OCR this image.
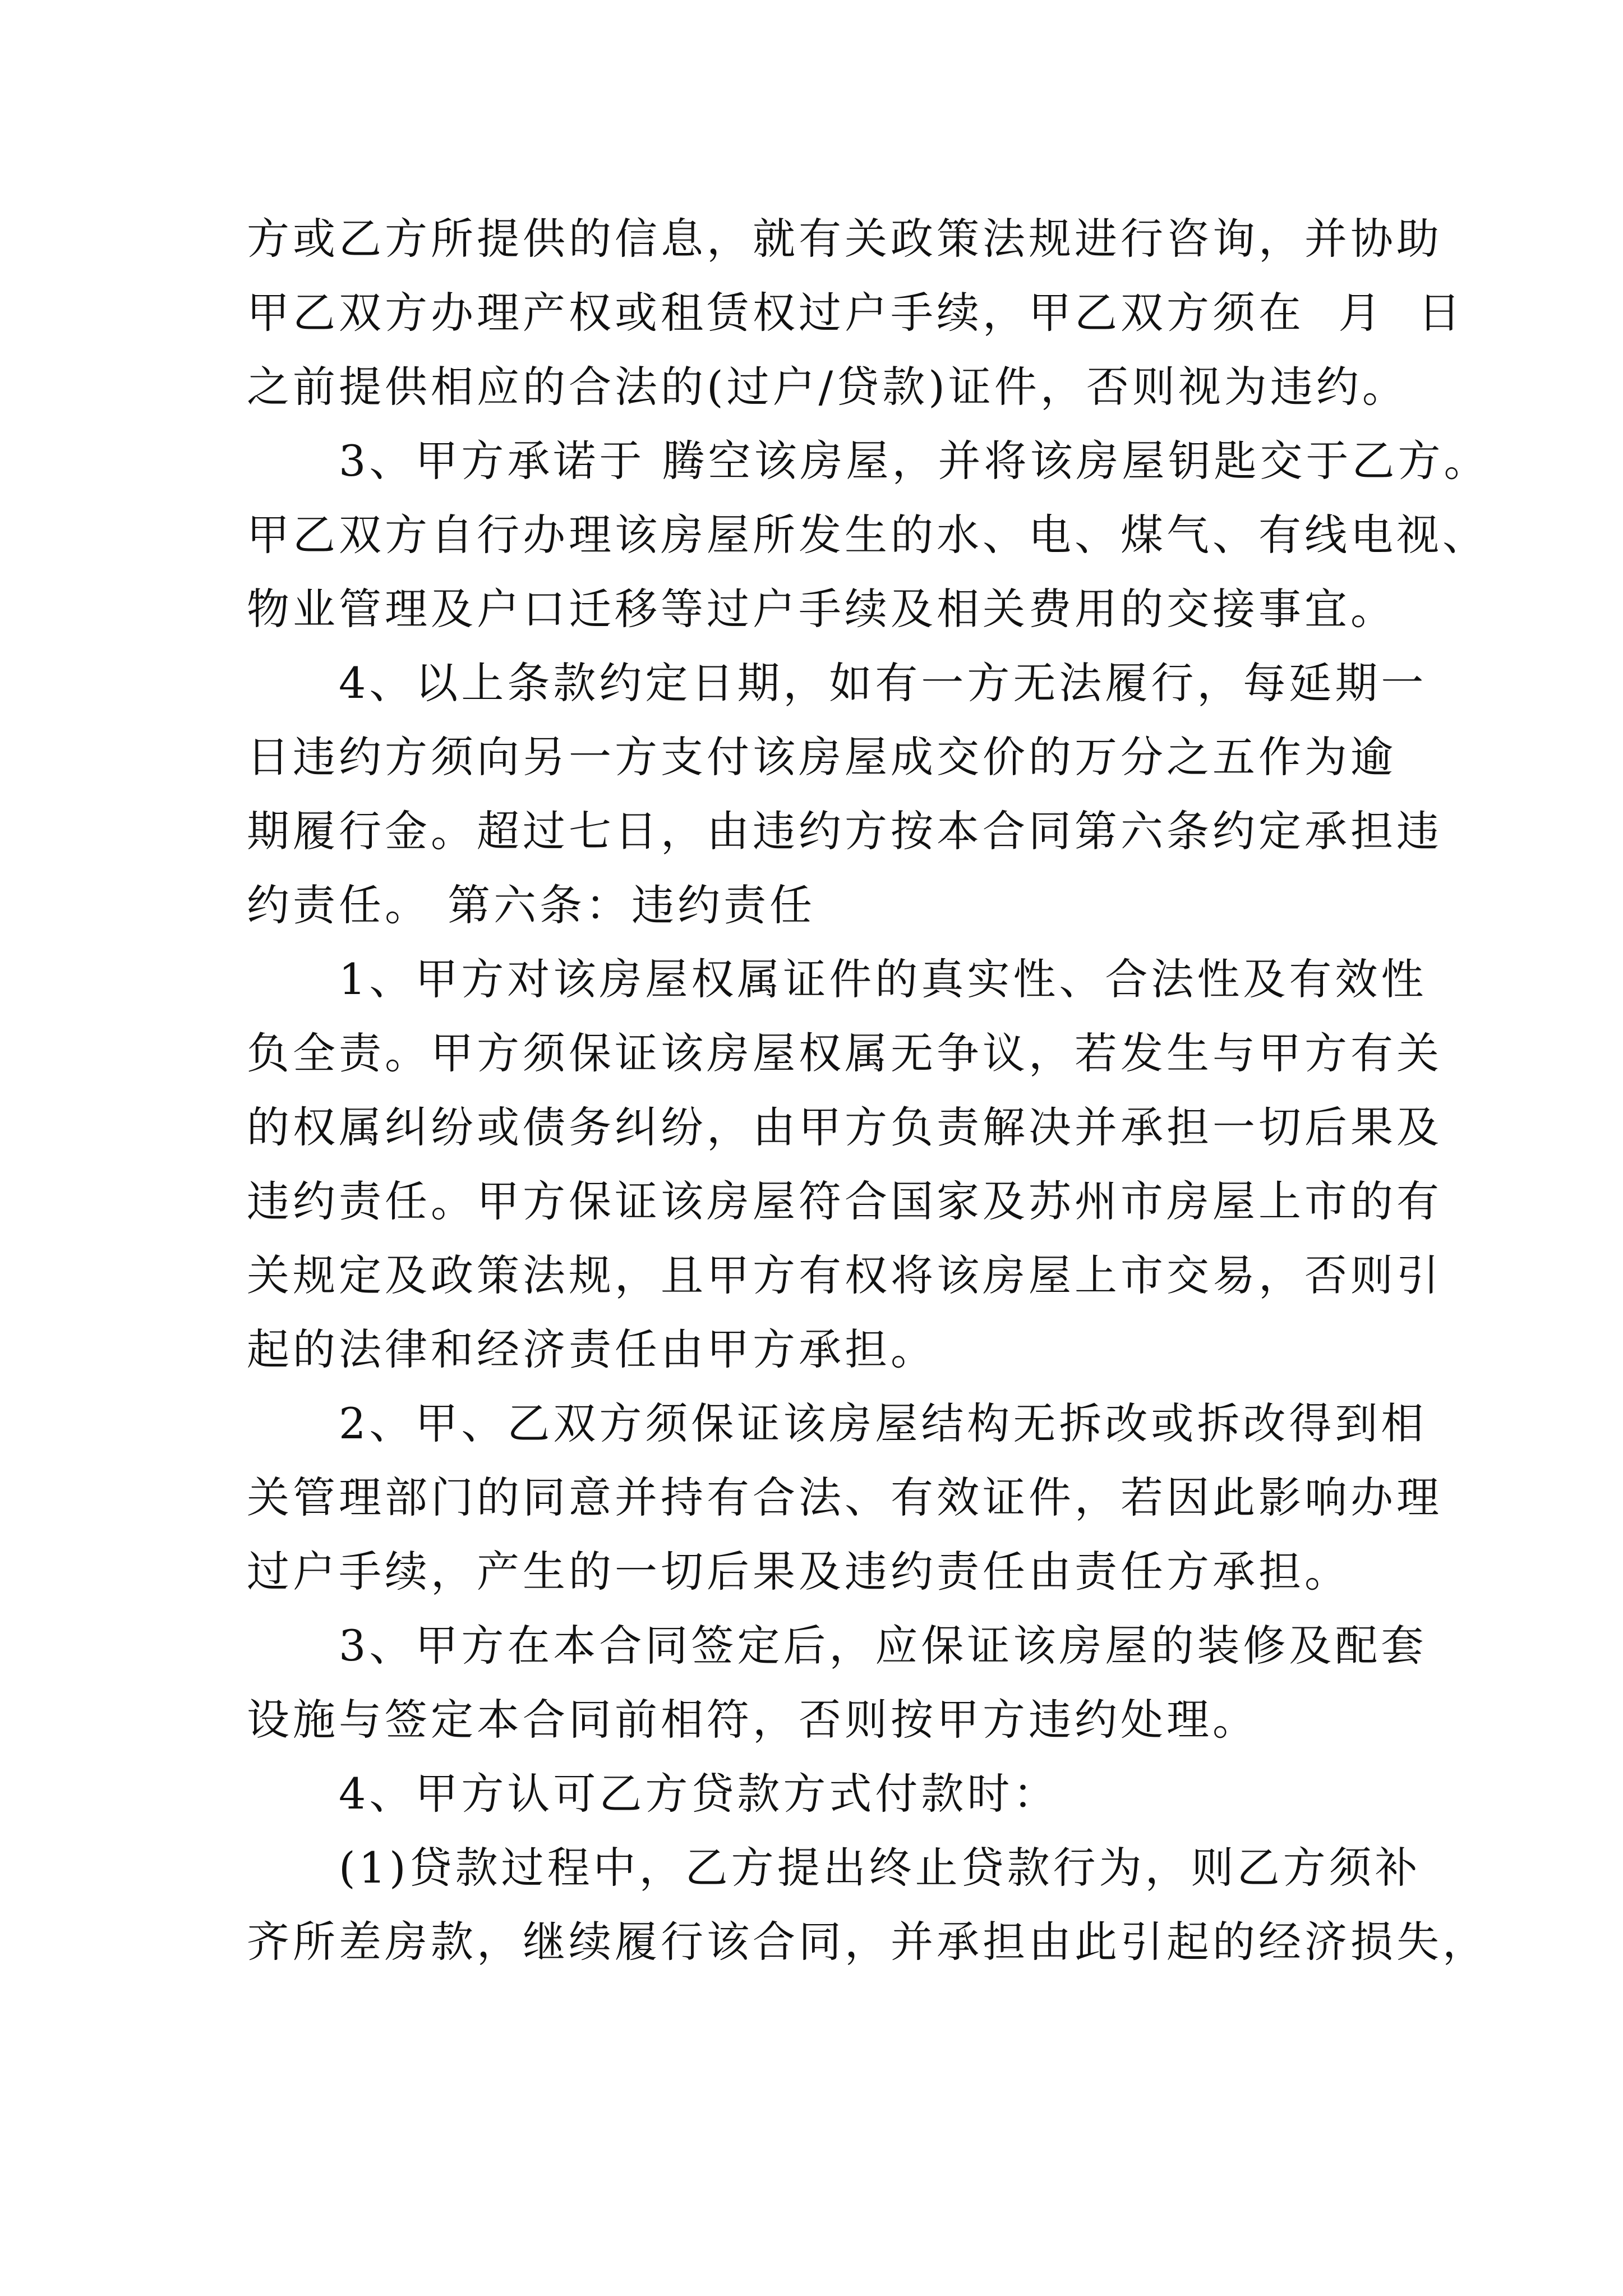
方或乙方所提供的信息，就有关政策法规进行咨询，并协助
甲乙双方办理产权或租赁权过户手续，甲乙双方须在  月  日
之前提供相应的合法的(过户/贷款)证件，否则视为违约。
　　3、甲方承诺于 腾空该房屋，并将该房屋钥匙交于乙方。
甲乙双方自行办理该房屋所发生的水、电、煤气、有线电视、
物业管理及户口迁移等过户手续及相关费用的交接事宜。
　　4、以上条款约定日期，如有一方无法履行，每延期一
日违约方须向另一方支付该房屋成交价的万分之五作为逾
期履行金。超过七日，由违约方按本合同第六条约定承担违
约责任。 第六条：违约责任
　　1、甲方对该房屋权属证件的真实性、合法性及有效性
负全责。甲方须保证该房屋权属无争议，若发生与甲方有关
的权属纠纷或债务纠纷，由甲方负责解决并承担一切后果及
违约责任。甲方保证该房屋符合国家及苏州市房屋上市的有
关规定及政策法规，且甲方有权将该房屋上市交易，否则引
起的法律和经济责任由甲方承担。
　　2、甲、乙双方须保证该房屋结构无拆改或拆改得到相
关管理部门的同意并持有合法、有效证件，若因此影响办理
过户手续，产生的一切后果及违约责任由责任方承担。
　　3、甲方在本合同签定后，应保证该房屋的装修及配套
设施与签定本合同前相符，否则按甲方违约处理。
　　4、甲方认可乙方贷款方式付款时：
　　(1)贷款过程中，乙方提出终止贷款行为，则乙方须补
齐所差房款，继续履行该合同，并承担由此引起的经济损失，
